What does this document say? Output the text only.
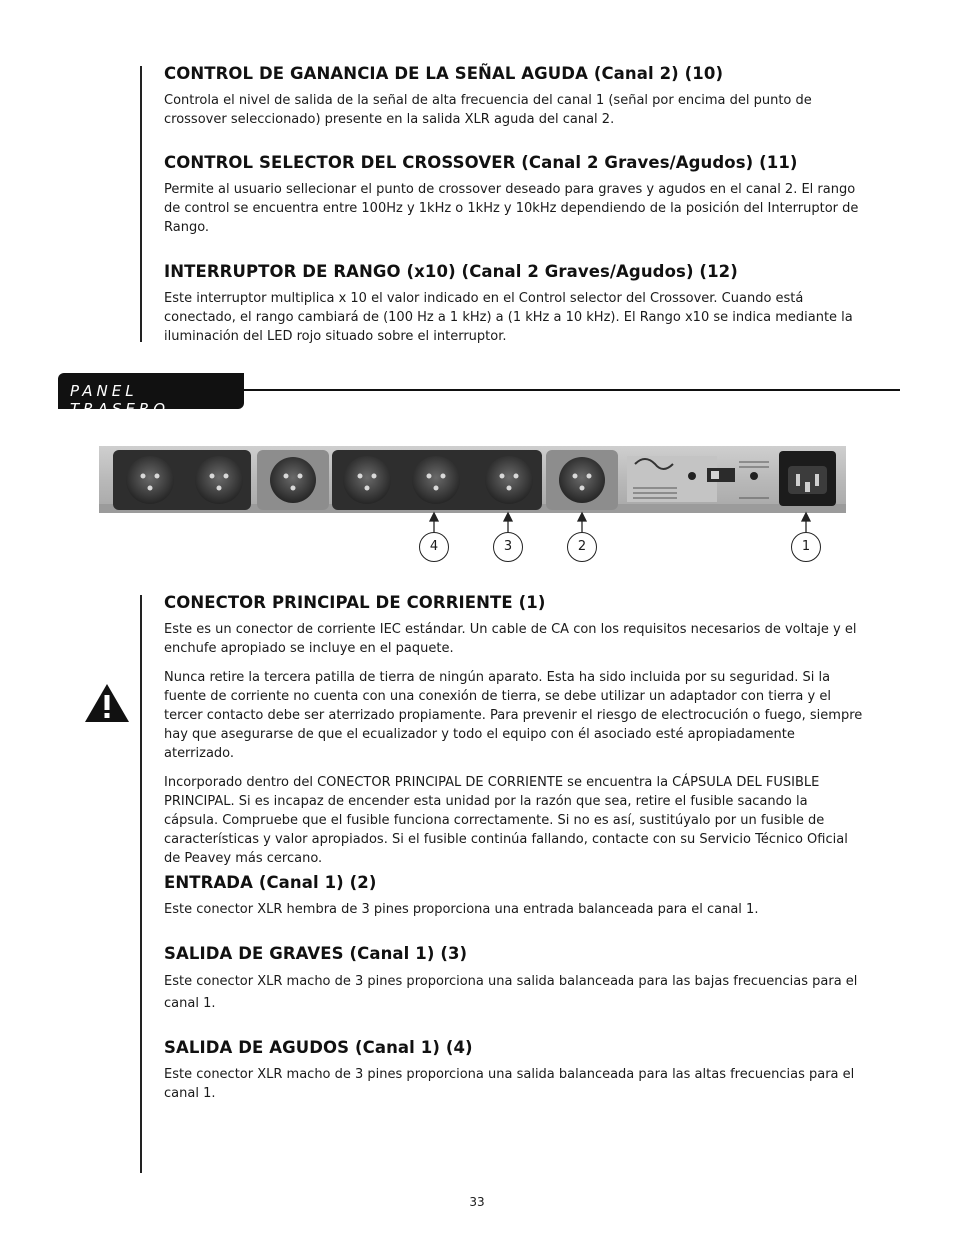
CONTROL DE GANANCIA DE LA SEÑAL AGUDA (Canal 2) (10)
Controla el nivel de salida de la señal de alta frecuencia del canal 1 (señal por encima del punto de crossover seleccionado) presente en la salida XLR aguda del canal 2.
CONTROL SELECTOR DEL CROSSOVER (Canal 2 Graves/Agudos) (11)
Permite al usuario sellecionar el punto de crossover deseado para graves y agudos en el canal 2. El rango de control se encuentra entre 100Hz y 1kHz o 1kHz y 10kHz dependiendo de la posición del Interruptor de Rango.
INTERRUPTOR DE RANGO (x10) (Canal 2 Graves/Agudos) (12)
Este interruptor multiplica x 10 el valor indicado en el Control selector del Crossover. Cuando está conectado, el rango cambiará de (100 Hz a 1 kHz) a (1 kHz a 10 kHz). El Rango x10 se indica mediante la iluminación del LED rojo situado sobre el interruptor.
PANEL TRASERO
4	3	2	1
CONECTOR PRINCIPAL DE CORRIENTE (1)
Este es un conector de corriente IEC estándar. Un cable de CA con los requisitos necesarios de voltaje y el enchufe apropiado se incluye en el paquete.
Nunca retire la tercera patilla de tierra de ningún aparato. Esta ha sido incluida por su seguridad. Si la fuente de corriente no cuenta con una conexión de tierra, se debe utilizar un adaptador con tierra y el tercer contacto debe ser aterrizado propiamente. Para prevenir el riesgo de electrocución o fuego, siempre hay que asegurarse de que el ecualizador y todo el equipo con él asociado esté apropiadamente aterrizado.
Incorporado dentro del CONECTOR PRINCIPAL DE CORRIENTE se encuentra la CÁPSULA DEL FUSIBLE PRINCIPAL. Si es incapaz de encender esta unidad por la razón que sea, retire el fusible sacando la cápsula. Compruebe que el fusible funciona correctamente. Si no es así, sustitúyalo por un fusible de características y valor apropiados. Si el fusible continúa fallando, contacte con su Servicio Técnico Oficial de Peavey más cercano.
ENTRADA (Canal 1) (2)
Este conector XLR hembra de 3 pines proporciona una entrada balanceada para el canal 1.
SALIDA DE GRAVES (Canal 1) (3)
Este conector XLR macho de 3 pines proporciona una salida balanceada para las bajas frecuencias para el canal 1.
SALIDA DE AGUDOS (Canal 1) (4)
Este conector XLR macho de 3 pines proporciona una salida balanceada para las altas frecuencias para el canal 1.
33
